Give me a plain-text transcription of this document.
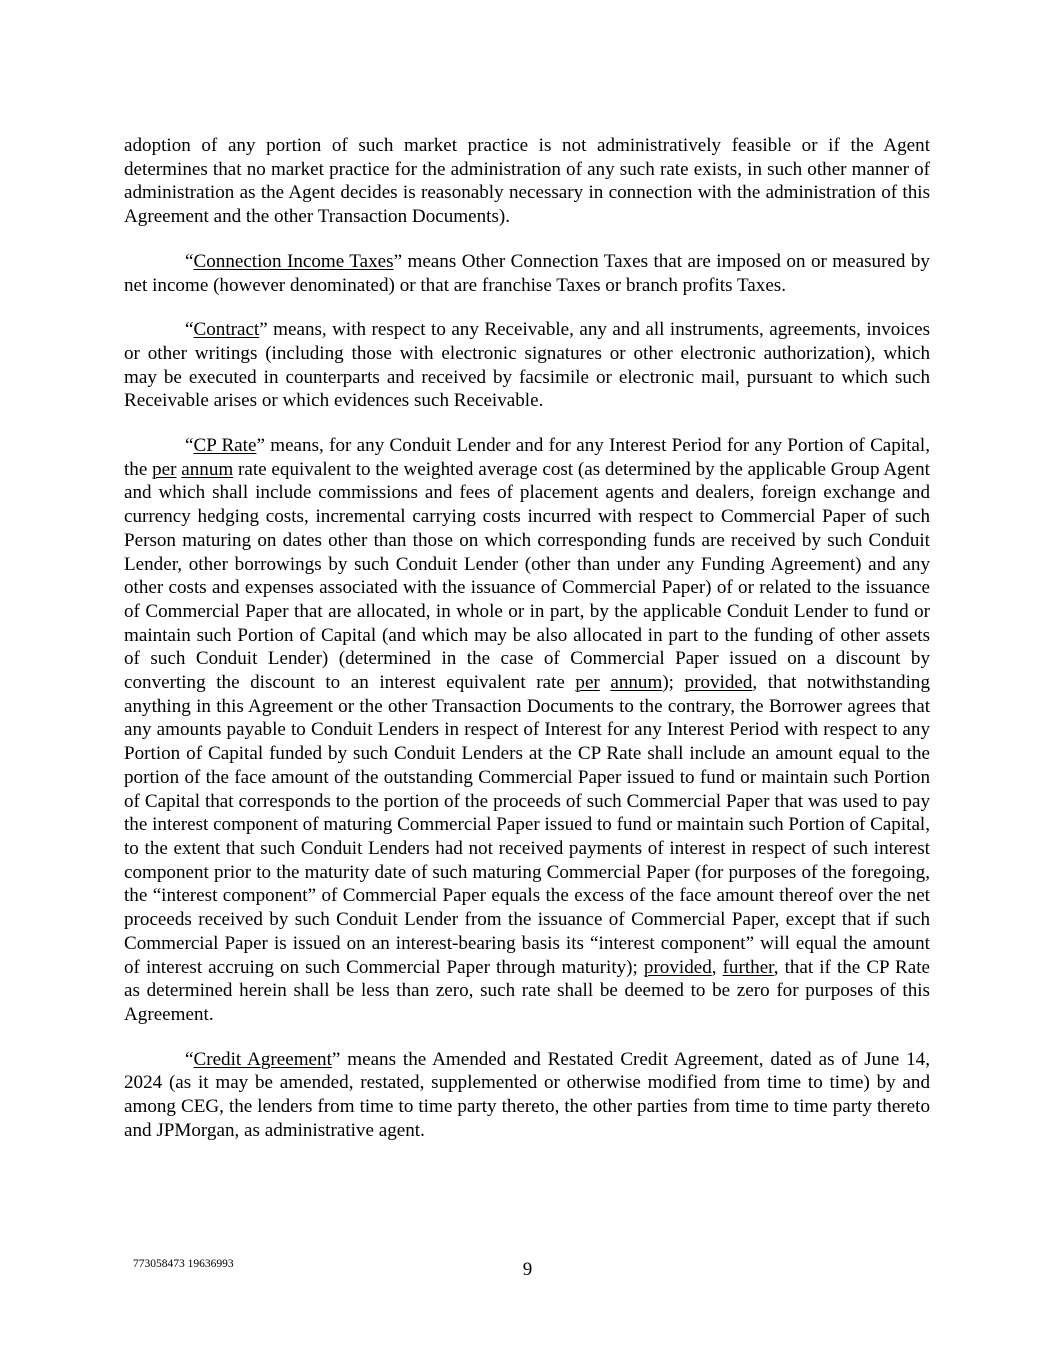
adoption of any portion of such market practice is not administratively feasible or if the Agent determines that no market practice for the administration of any such rate exists, in such other manner of administration as the Agent decides is reasonably necessary in connection with the administration of this Agreement and the other Transaction Documents).

“Connection Income Taxes” means Other Connection Taxes that are imposed on or measured by net income (however denominated) or that are franchise Taxes or branch profits Taxes.

“Contract” means, with respect to any Receivable, any and all instruments, agreements, invoices or other writings (including those with electronic signatures or other electronic authorization), which may be executed in counterparts and received by facsimile or electronic mail, pursuant to which such Receivable arises or which evidences such Receivable.

“CP Rate” means, for any Conduit Lender and for any Interest Period for any Portion of Capital, the per annum rate equivalent to the weighted average cost (as determined by the applicable Group Agent and which shall include commissions and fees of placement agents and dealers, foreign exchange and currency hedging costs, incremental carrying costs incurred with respect to Commercial Paper of such Person maturing on dates other than those on which corresponding funds are received by such Conduit Lender, other borrowings by such Conduit Lender (other than under any Funding Agreement) and any other costs and expenses associated with the issuance of Commercial Paper) of or related to the issuance of Commercial Paper that are allocated, in whole or in part, by the applicable Conduit Lender to fund or maintain such Portion of Capital (and which may be also allocated in part to the funding of other assets of such Conduit Lender) (determined in the case of Commercial Paper issued on a discount by converting the discount to an interest equivalent rate per annum); provided, that notwithstanding anything in this Agreement or the other Transaction Documents to the contrary, the Borrower agrees that any amounts payable to Conduit Lenders in respect of Interest for any Interest Period with respect to any Portion of Capital funded by such Conduit Lenders at the CP Rate shall include an amount equal to the portion of the face amount of the outstanding Commercial Paper issued to fund or maintain such Portion of Capital that corresponds to the portion of the proceeds of such Commercial Paper that was used to pay the interest component of maturing Commercial Paper issued to fund or maintain such Portion of Capital, to the extent that such Conduit Lenders had not received payments of interest in respect of such interest component prior to the maturity date of such maturing Commercial Paper (for purposes of the foregoing, the “interest component” of Commercial Paper equals the excess of the face amount thereof over the net proceeds received by such Conduit Lender from the issuance of Commercial Paper, except that if such Commercial Paper is issued on an interest-bearing basis its “interest component” will equal the amount of interest accruing on such Commercial Paper through maturity); provided, further, that if the CP Rate as determined herein shall be less than zero, such rate shall be deemed to be zero for purposes of this Agreement.

“Credit Agreement” means the Amended and Restated Credit Agreement, dated as of June 14, 2024 (as it may be amended, restated, supplemented or otherwise modified from time to time) by and among CEG, the lenders from time to time party thereto, the other parties from time to time party thereto and JPMorgan, as administrative agent.

773058473 19636993	9
